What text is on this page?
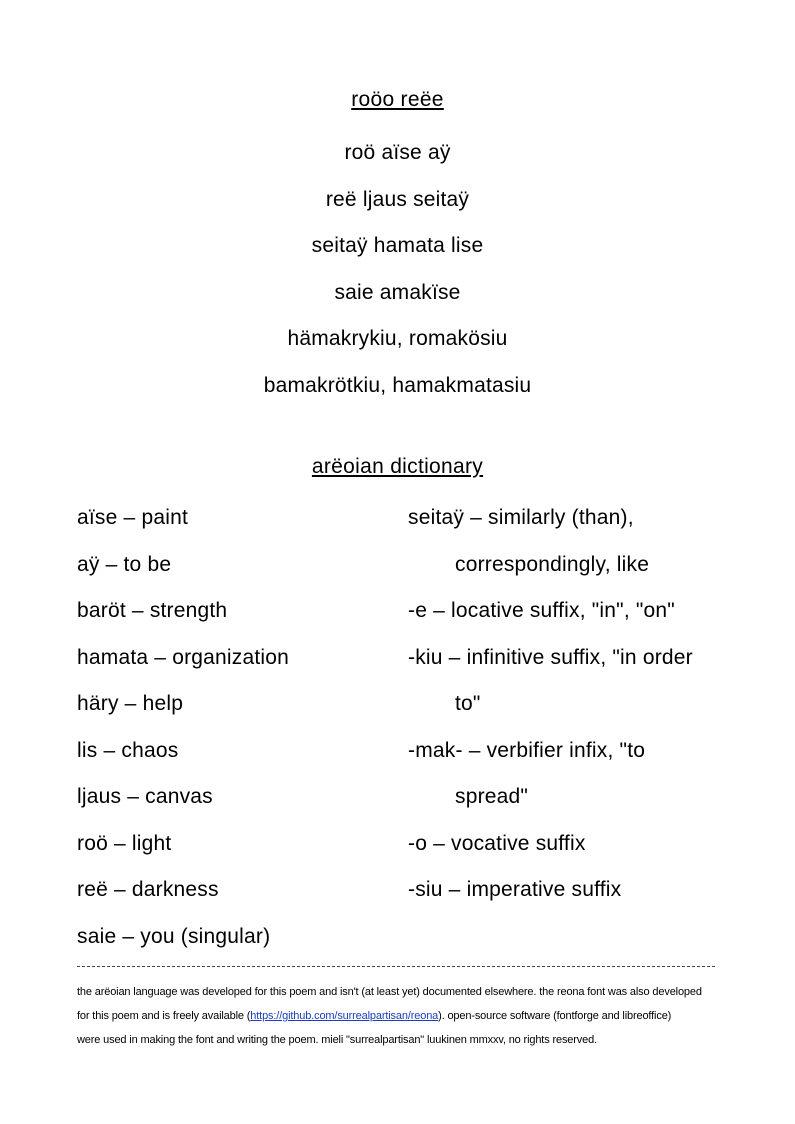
roöo reëe
roö aïse aÿ
reë ljaus seitaÿ
seitaÿ hamata lise
saie amakïse
hämakrykiu, romakösiu
bamakrötkiu, hamakmatasiu
arëoian dictionary
aïse – paint
aÿ – to be
baröt – strength
hamata – organization
häry – help
lis – chaos
ljaus – canvas
roö – light
reë – darkness
saie – you (singular)
seitaÿ – similarly (than),
correspondingly, like
-e – locative suffix, "in", "on"
-kiu – infinitive suffix, "in order
to"
-mak- – verbifier infix, "to
spread"
-o – vocative suffix
-siu – imperative suffix
the arëoian language was developed for this poem and isn't (at least yet) documented elsewhere. the reona font was also developed
for this poem and is freely available (https://github.com/surrealpartisan/reona). open-source software (fontforge and libreoffice)
were used in making the font and writing the poem. mieli "surrealpartisan" luukinen mmxxv, no rights reserved.
